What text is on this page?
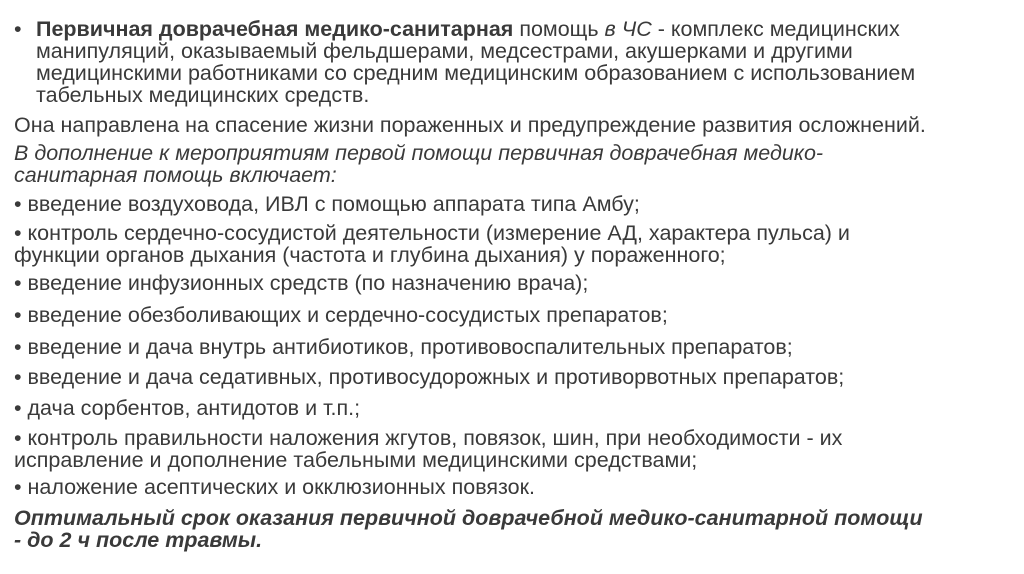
• Первичная доврачебная медико-санитарная помощь в ЧС - комплекс медицинских
манипуляций, оказываемый фельдшерами, медсестрами, акушерками и другими
медицинскими работниками со средним медицинским образованием с использованием
табельных медицинских средств.
Она направлена на спасение жизни пораженных и предупреждение развития осложнений.
В дополнение к мероприятиям первой помощи первичная доврачебная медико-
санитарная помощь включает:
• введение воздуховода, ИВЛ с помощью аппарата типа Амбу;
• контроль сердечно-сосудистой деятельности (измерение АД, характера пульса) и
функции органов дыхания (частота и глубина дыхания) у пораженного;
• введение инфузионных средств (по назначению врача);
• введение обезболивающих и сердечно-сосудистых препаратов;
• введение и дача внутрь антибиотиков, противовоспалительных препаратов;
• введение и дача седативных, противосудорожных и противорвотных препаратов;
• дача сорбентов, антидотов и т.п.;
• контроль правильности наложения жгутов, повязок, шин, при необходимости - их
исправление и дополнение табельными медицинскими средствами;
• наложение асептических и окклюзионных повязок.
Оптимальный срок оказания первичной доврачебной медико-санитарной помощи
- до 2 ч после травмы.
